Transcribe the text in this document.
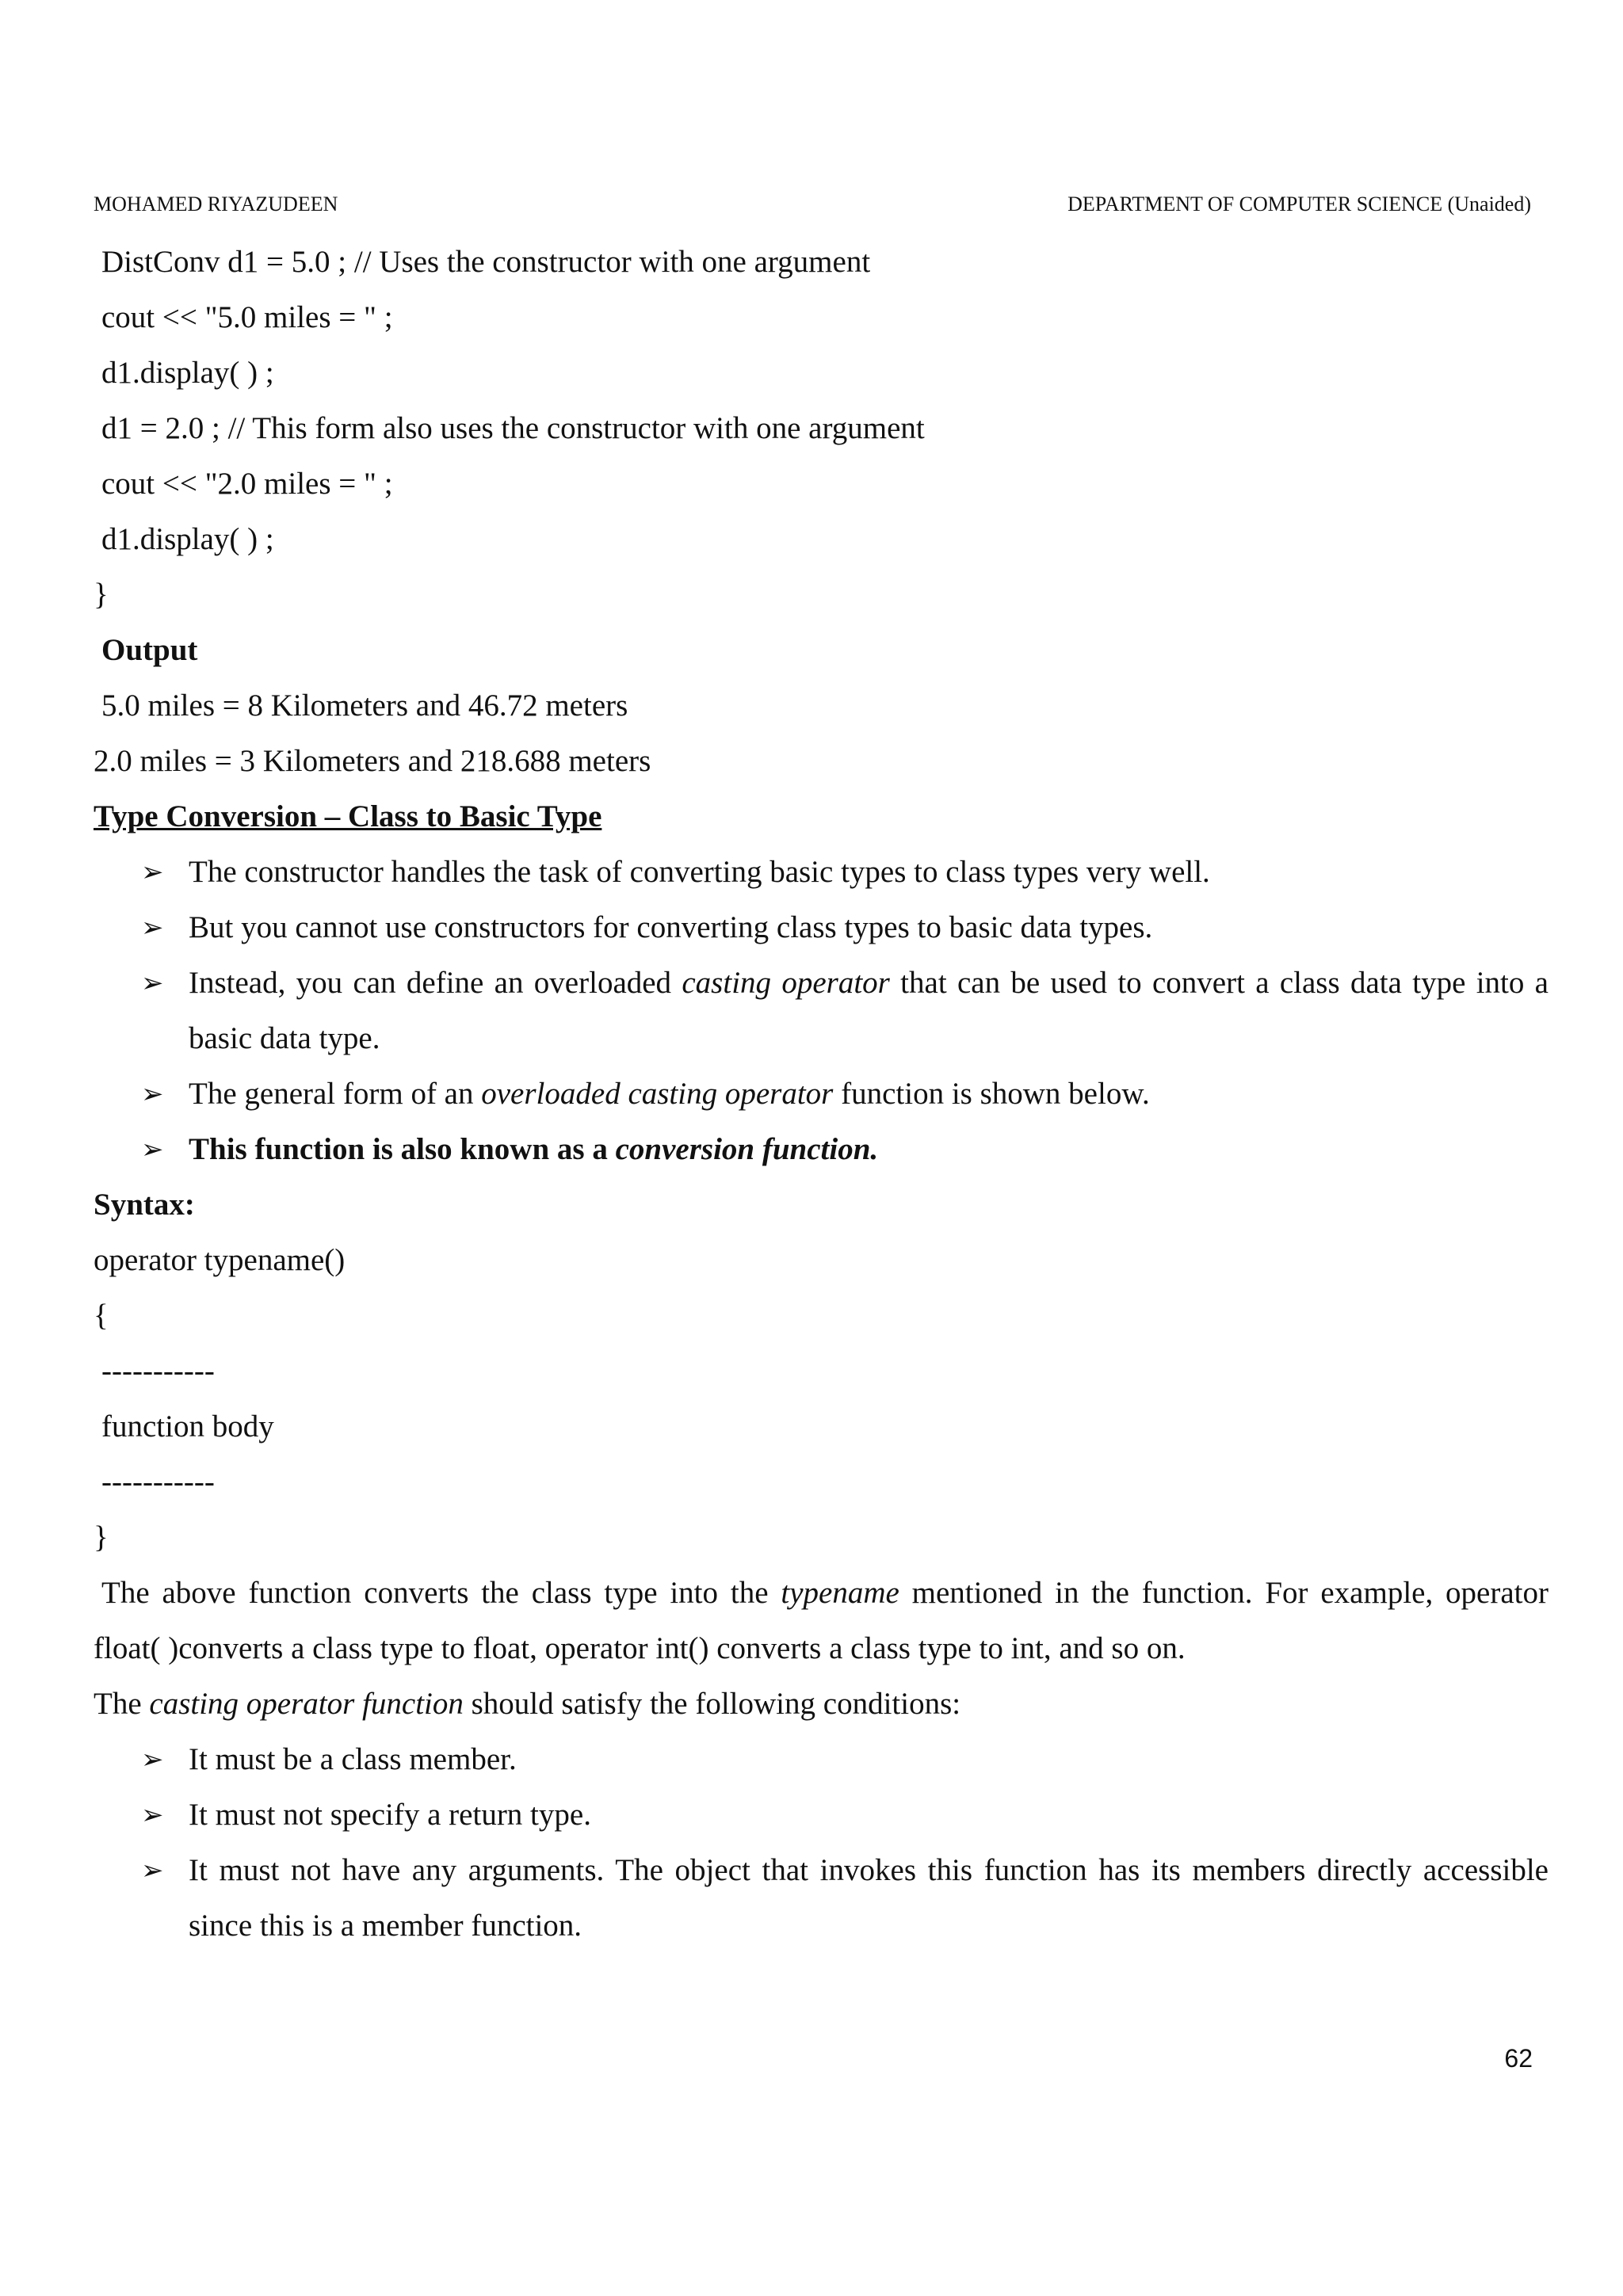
MOHAMED RIYAZUDEEN	DEPARTMENT OF COMPUTER SCIENCE (Unaided)
DistConv d1 = 5.0 ; // Uses the constructor with one argument
cout << "5.0 miles = " ;
d1.display( ) ;
d1 = 2.0 ; // This form also uses the constructor with one argument
cout << "2.0 miles = " ;
d1.display( ) ;
}
Output
5.0 miles = 8 Kilometers and 46.72 meters
2.0 miles = 3 Kilometers and 218.688 meters
Type Conversion – Class to Basic Type
➢ The constructor handles the task of converting basic types to class types very well.
➢ But you cannot use constructors for converting class types to basic data types.
➢ Instead, you can define an overloaded casting operator that can be used to convert a class data type into a
basic data type.
➢ The general form of an overloaded casting operator function is shown below.
➢ This function is also known as a conversion function.
Syntax:
operator typename()
{
-----------
function body
-----------
}
The above function converts the class type into the typename mentioned in the function. For example, operator
float( )converts a class type to float, operator int() converts a class type to int, and so on.
The casting operator function should satisfy the following conditions:
➢ It must be a class member.
➢ It must not specify a return type.
➢ It must not have any arguments. The object that invokes this function has its members directly accessible
since this is a member function.
62
